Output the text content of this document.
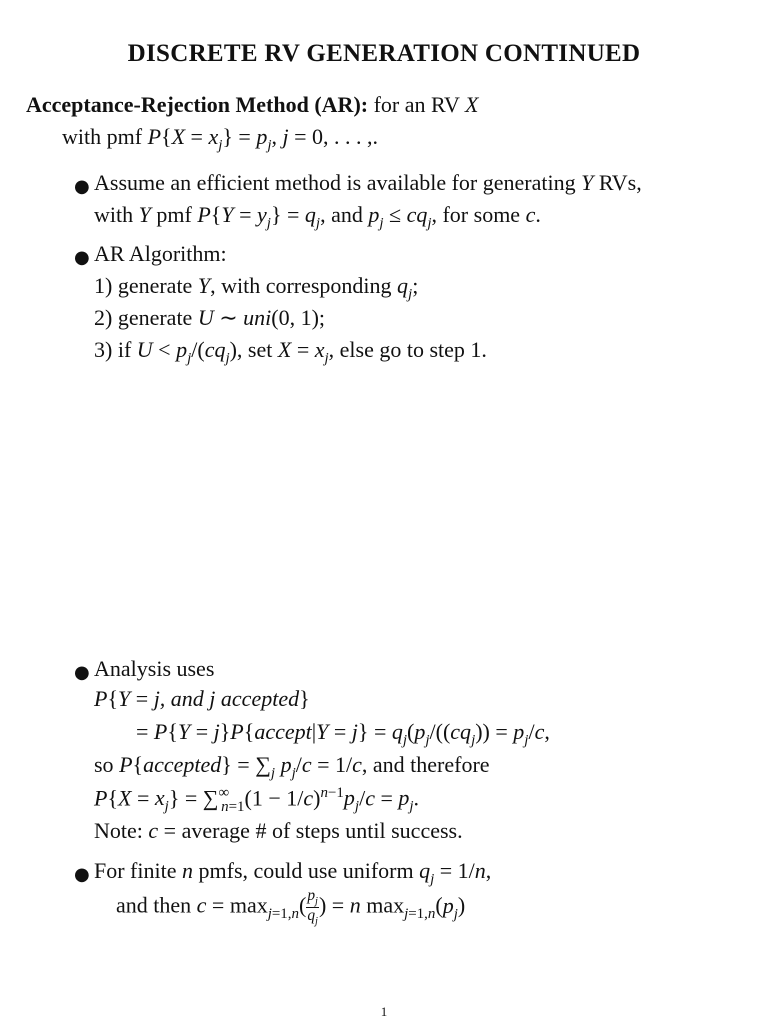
DISCRETE RV GENERATION CONTINUED
Acceptance-Rejection Method (AR): for an RV X
with pmf $P\{X = x_j\} = p_j$, j = 0, . . . ,.
● Assume an efficient method is available for generating Y RVs,
with Y pmf $P\{Y = y_j\} = q_j$, and $p_j \le cq_j$, for some c.
● AR Algorithm:
1) generate Y, with corresponding $q_j$;
2) generate U ∼ uni(0, 1);
3) if $U < p_j/(cq_j)$, set $X = x_j$, else go to step 1.
● Analysis uses
P{Y = j, and j accepted}
= P{Y = j}P{accept|Y = $j\} = q_j(p_j/((cq_j)) = p_j/c$,
so P{accepted} = $\sum_j$ $p_j/c = 1/c$, and therefore
$P\{X = x_j\} = \sum^\infty_{n=1}(1 - 1/c)^{n-1}p_j/c = p_j$.
Note: c = average # of steps until success.
● For finite n pmfs, could use uniform $q_j = 1/n$,
and then $c = \max_{j=1,n}( \frac{p_j}{q_j}$ ) = n $\max_{j=1,n}(p_j)$
1
